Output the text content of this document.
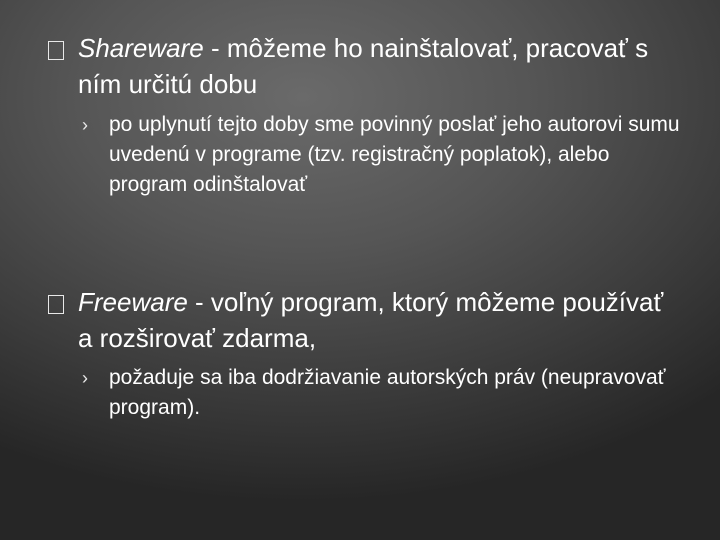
Shareware - môžeme ho nainštalovať, pracovať s ním určitú dobu
› po uplynutí tejto doby sme povinný poslať jeho autorovi sumu uvedenú v programe (tzv. registračný poplatok), alebo program odinštalovať
Freeware - voľný program, ktorý môžeme používať a rozširovať zdarma,
› požaduje sa iba dodržiavanie autorských práv (neupravovať program).
